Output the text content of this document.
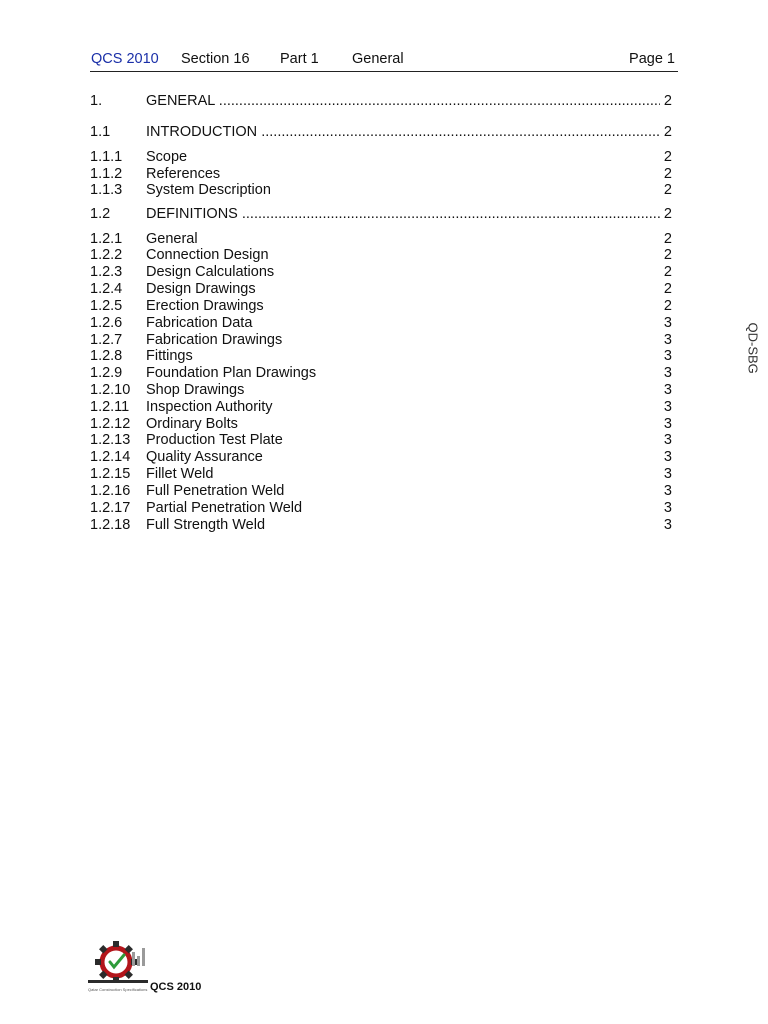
QCS 2010 Section 16 Part 1 General	Page 1
1.	GENERAL .....	2
1.1 INTRODUCTION .....	2
1.1.1 Scope	2
1.1.2 References	2
1.1.3 System Description	2
1.2 DEFINITIONS .....	2
1.2.1 General	2
1.2.2 Connection Design	2
1.2.3 Design Calculations	2
1.2.4 Design Drawings	2
1.2.5 Erection Drawings	2
1.2.6 Fabrication Data	3
1.2.7 Fabrication Drawings	3
1.2.8 Fittings	3
1.2.9 Foundation Plan Drawings	3
1.2.10 Shop Drawings	3
1.2.11 Inspection Authority	3
1.2.12 Ordinary Bolts	3
1.2.13 Production Test Plate	3
1.2.14 Quality Assurance	3
1.2.15 Fillet Weld	3
1.2.16 Full Penetration Weld	3
1.2.17 Partial Penetration Weld	3
1.2.18 Full Strength Weld	3
QD-SBG
Qatar Construction Specifications QCS 2010
